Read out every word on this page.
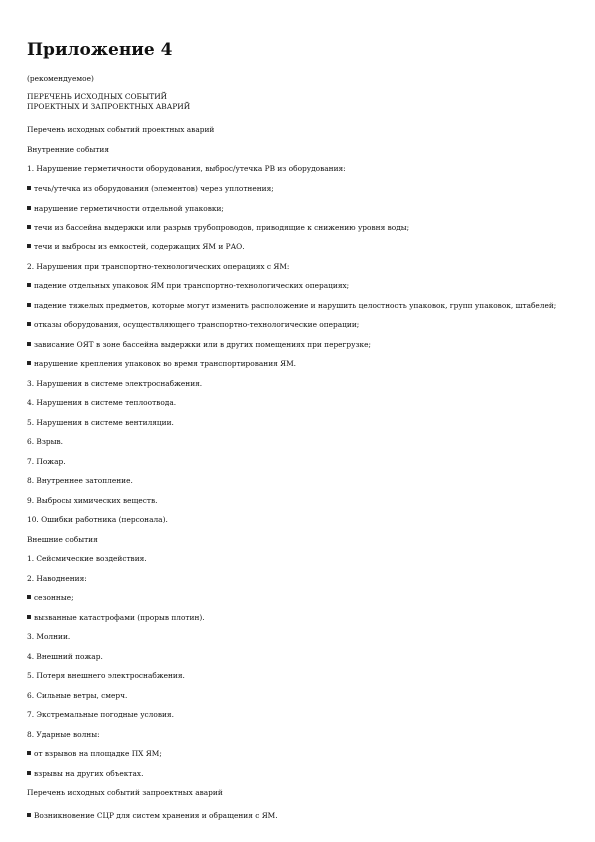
Приложение 4
(рекомендуемое)
ПЕРЕЧЕНЬ ИСХОДНЫХ СОБЫТИЙ
ПРОЕКТНЫХ И ЗАПРОЕКТНЫХ АВАРИЙ
Перечень исходных событий проектных аварий
Внутренние события
1. Нарушение герметичности оборудования, выброс/утечка РВ из оборудования:
течь/утечка из оборудования (элементов) через уплотнения;
нарушение герметичности отдельной упаковки;
течи из бассейна выдержки или разрыв трубопроводов, приводящие к снижению уровня воды;
течи и выбросы из емкостей, содержащих ЯМ и РАО.
2. Нарушения при транспортно-технологических операциях с ЯМ:
падение отдельных упаковок ЯМ при транспортно-технологических операциях;
падение тяжелых предметов, которые могут изменить расположение и нарушить целостность упаковок, групп упаковок, штабелей;
отказы оборудования, осуществляющего транспортно-технологические операции;
зависание ОЯТ в зоне бассейна выдержки или в других помещениях при перегрузке;
нарушение крепления упаковок во время транспортирования ЯМ.
3. Нарушения в системе электроснабжения.
4. Нарушения в системе теплоотвода.
5. Нарушения в системе вентиляции.
6. Взрыв.
7. Пожар.
8. Внутреннее затопление.
9. Выбросы химических веществ.
10. Ошибки работника (персонала).
Внешние события
1. Сейсмические воздействия.
2. Наводнения:
сезонные;
вызванные катастрофами (прорыв плотин).
3. Молнии.
4. Внешний пожар.
5. Потеря внешнего электроснабжения.
6. Сильные ветры, смерч.
7. Экстремальные погодные условия.
8. Ударные волны:
от взрывов на площадке ПХ ЯМ;
взрывы на других объектах.
Перечень исходных событий запроектных аварий
Возникновение СЦР для систем хранения и обращения с ЯМ.
